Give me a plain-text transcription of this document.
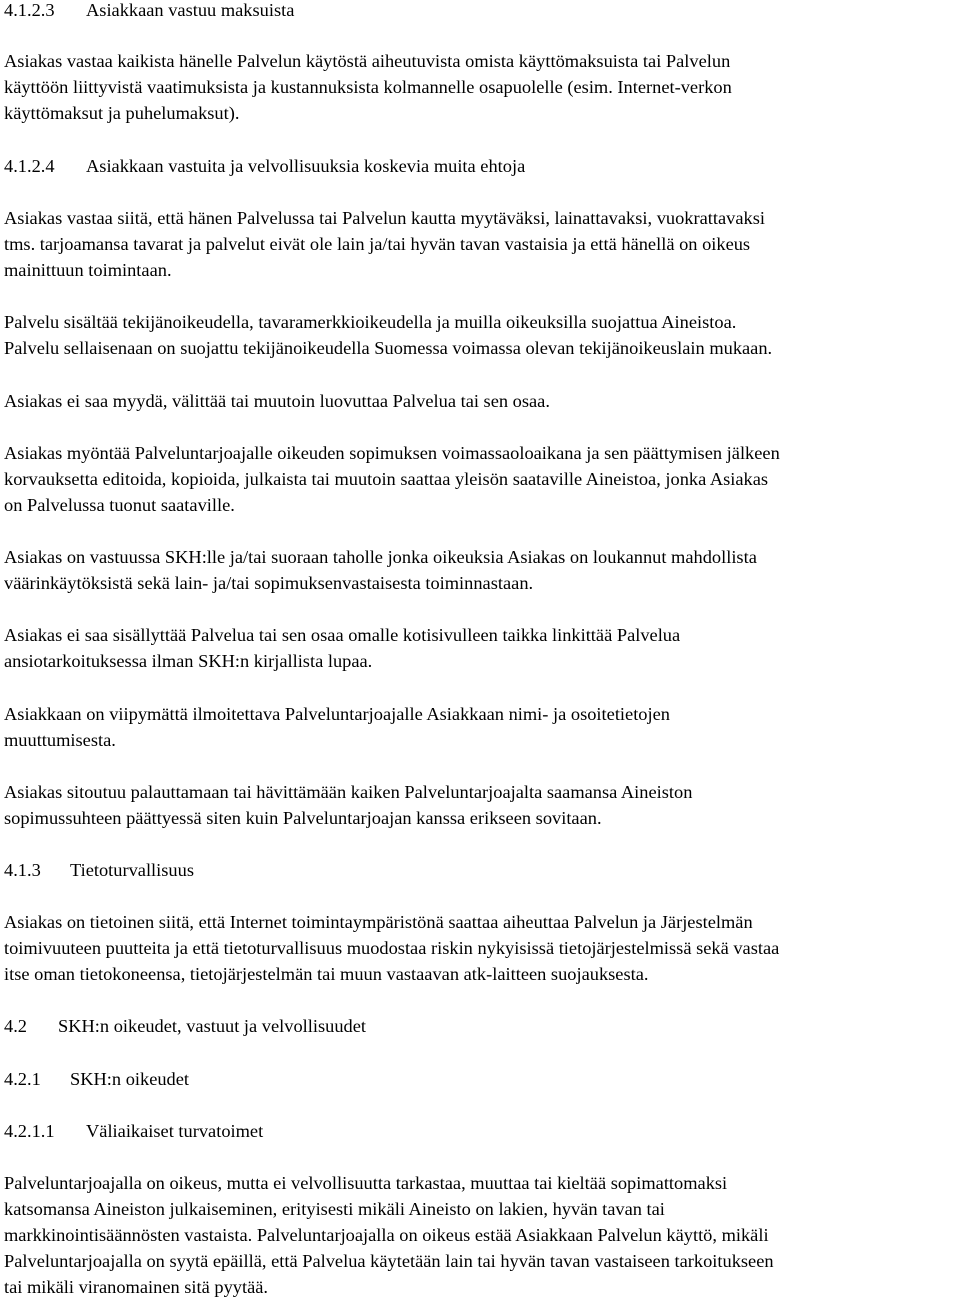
4.1.2.3 Asiakkaan vastuu maksuista
Asiakas vastaa kaikista hänelle Palvelun käytöstä aiheutuvista omista käyttömaksuista tai Palvelun
käyttöön liittyvistä vaatimuksista ja kustannuksista kolmannelle osapuolelle (esim. Internet-verkon
käyttömaksut ja puhelumaksut).
4.1.2.4 Asiakkaan vastuita ja velvollisuuksia koskevia muita ehtoja
Asiakas vastaa siitä, että hänen Palvelussa tai Palvelun kautta myytäväksi, lainattavaksi, vuokrattavaksi
tms. tarjoamansa tavarat ja palvelut eivät ole lain ja/tai hyvän tavan vastaisia ja että hänellä on oikeus
mainittuun toimintaan.
Palvelu sisältää tekijänoikeudella, tavaramerkkioikeudella ja muilla oikeuksilla suojattua Aineistoa.
Palvelu sellaisenaan on suojattu tekijänoikeudella Suomessa voimassa olevan tekijänoikeuslain mukaan.
Asiakas ei saa myydä, välittää tai muutoin luovuttaa Palvelua tai sen osaa.
Asiakas myöntää Palveluntarjoajalle oikeuden sopimuksen voimassaoloaikana ja sen päättymisen jälkeen
korvauksetta editoida, kopioida, julkaista tai muutoin saattaa yleisön saataville Aineistoa, jonka Asiakas
on Palvelussa tuonut saataville.
Asiakas on vastuussa SKH:lle ja/tai suoraan taholle jonka oikeuksia Asiakas on loukannut mahdollista
väärinkäytöksistä sekä lain- ja/tai sopimuksenvastaisesta toiminnastaan.
Asiakas ei saa sisällyttää Palvelua tai sen osaa omalle kotisivulleen taikka linkittää Palvelua
ansiotarkoituksessa ilman SKH:n kirjallista lupaa.
Asiakkaan on viipymättä ilmoitettava Palveluntarjoajalle Asiakkaan nimi- ja osoitetietojen
muuttumisesta.
Asiakas sitoutuu palauttamaan tai hävittämään kaiken Palveluntarjoajalta saamansa Aineiston
sopimussuhteen päättyessä siten kuin Palveluntarjoajan kanssa erikseen sovitaan.
4.1.3 Tietoturvallisuus
Asiakas on tietoinen siitä, että Internet toimintaympäristönä saattaa aiheuttaa Palvelun ja Järjestelmän
toimivuuteen puutteita ja että tietoturvallisuus muodostaa riskin nykyisissä tietojärjestelmissä sekä vastaa
itse oman tietokoneensa, tietojärjestelmän tai muun vastaavan atk-laitteen suojauksesta.
4.2 SKH:n oikeudet, vastuut ja velvollisuudet
4.2.1 SKH:n oikeudet
4.2.1.1 Väliaikaiset turvatoimet
Palveluntarjoajalla on oikeus, mutta ei velvollisuutta tarkastaa, muuttaa tai kieltää sopimattomaksi
katsomansa Aineiston julkaiseminen, erityisesti mikäli Aineisto on lakien, hyvän tavan tai
markkinointisäännösten vastaista. Palveluntarjoajalla on oikeus estää Asiakkaan Palvelun käyttö, mikäli
Palveluntarjoajalla on syytä epäillä, että Palvelua käytetään lain tai hyvän tavan vastaiseen tarkoitukseen
tai mikäli viranomainen sitä pyytää.
